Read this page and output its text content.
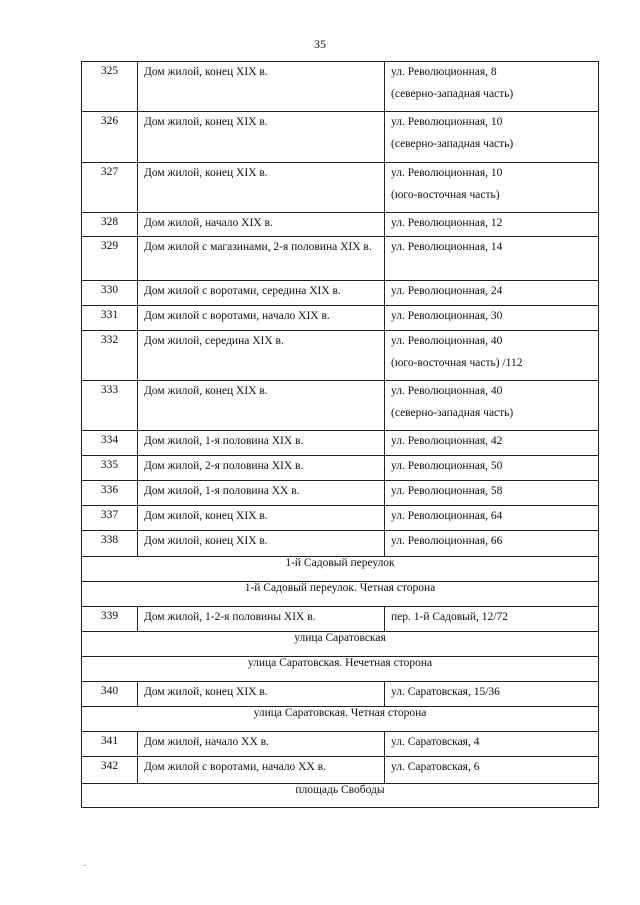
35
325	Дом жилой, конец XIX в.	ул. Революционная, 8
(северно-западная часть)

326	Дом жилой, конец XIX в.	ул. Революционная, 10
(северно-западная часть)

327	Дом жилой, конец XIX в.	ул. Революционная, 10
(юго-восточная часть)

328	Дом жилой, начало XIX в.	ул. Революционная, 12

329	Дом жилой с магазинами, 2-я половина XIX в.	ул. Революционная, 14

330	Дом жилой с воротами, середина XIX в.	ул. Революционная, 24

331	Дом жилой с воротами, начало XIX в.	ул. Революционная, 30

332	Дом жилой, середина XIX в.	ул. Революционная, 40
(юго-восточная часть) /112

333	Дом жилой, конец XIX в.	ул. Революционная, 40
(северно-западная часть)

334	Дом жилой, 1-я половина XIX в.	ул. Революционная, 42

335	Дом жилой, 2-я половина XIX в.	ул. Революционная, 50

336	Дом жилой, 1-я половина XX в.	ул. Революционная, 58

337	Дом жилой, конец XIX в.	ул. Революционная, 64

338	Дом жилой, конец XIX в.	ул. Революционная, 66

1-й Садовый переулок		

1-й Садовый переулок. Четная сторона		

339	Дом жилой, 1-2-я половины XIX в.	пер. 1-й Садовый, 12/72

улица Саратовская		

улица Саратовская. Нечетная сторона		

340	Дом жилой, конец XIX в.	ул. Саратовская, 15/36

улица Саратовская. Четная сторона		

341	Дом жилой, начало XX в.	ул. Саратовская, 4

342	Дом жилой с воротами, начало XX в.	ул. Саратовская, 6

площадь Свободы		
